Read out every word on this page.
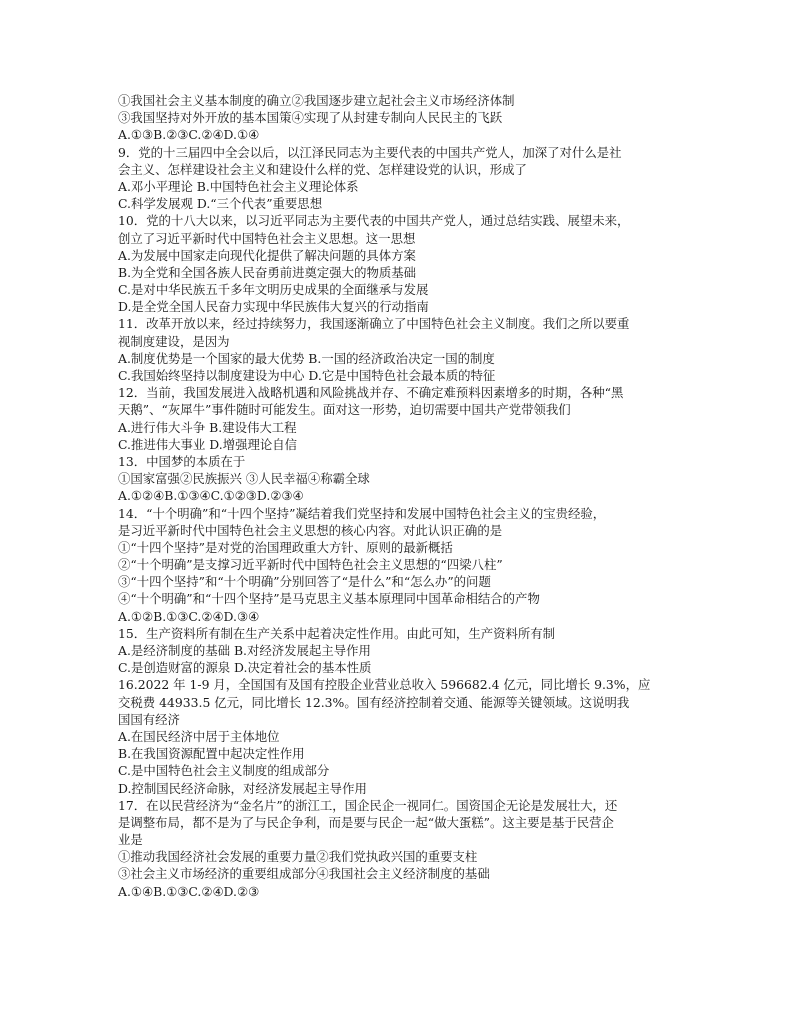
①我国社会主义基本制度的确立②我国逐步建立起社会主义市场经济体制
③我国坚持对外开放的基本国策④实现了从封建专制向人民民主的飞跃
A.①③B.②③C.②④D.①④
9．党的十三届四中全会以后，以江泽民同志为主要代表的中国共产党人，加深了对什么是社
会主义、怎样建设社会主义和建设什么样的党、怎样建设党的认识，形成了
A.邓小平理论 B.中国特色社会主义理论体系
C.科学发展观 D.“三个代表”重要思想
10．党的十八大以来，以习近平同志为主要代表的中国共产党人，通过总结实践、展望未来，
创立了习近平新时代中国特色社会主义思想。这一思想
A.为发展中国家走向现代化提供了解决问题的具体方案
B.为全党和全国各族人民奋勇前进奠定强大的物质基础
C.是对中华民族五千多年文明历史成果的全面继承与发展
D.是全党全国人民奋力实现中华民族伟大复兴的行动指南
11．改革开放以来，经过持续努力，我国逐渐确立了中国特色社会主义制度。我们之所以要重
视制度建设，是因为
A.制度优势是一个国家的最大优势 B.一国的经济政治决定一国的制度
C.我国始终坚持以制度建设为中心 D.它是中国特色社会最本质的特征
12．当前，我国发展进入战略机遇和风险挑战并存、不确定难预料因素增多的时期，各种“黑
天鹅”、“灰犀牛”事件随时可能发生。面对这一形势，迫切需要中国共产党带领我们
A.进行伟大斗争 B.建设伟大工程
C.推进伟大事业 D.增强理论自信
13．中国梦的本质在于
①国家富强②民族振兴 ③人民幸福④称霸全球
A.①②④B.①③④C.①②③D.②③④
14．“十个明确”和“十四个坚持”凝结着我们党坚持和发展中国特色社会主义的宝贵经验，
是习近平新时代中国特色社会主义思想的核心内容。对此认识正确的是
①“十四个坚持”是对党的治国理政重大方针、原则的最新概括
②“十个明确”是支撑习近平新时代中国特色社会主义思想的“四梁八柱”
③“十四个坚持”和“十个明确”分别回答了“是什么”和“怎么办”的问题
④“十个明确”和“十四个坚持”是马克思主义基本原理同中国革命相结合的产物
A.①②B.①③C.②④D.③④
15．生产资料所有制在生产关系中起着决定性作用。由此可知，生产资料所有制
A.是经济制度的基础 B.对经济发展起主导作用
C.是创造财富的源泉 D.决定着社会的基本性质
16.2022 年 1-9 月，全国国有及国有控股企业营业总收入 596682.4 亿元，同比增长 9.3%，应
交税费 44933.5 亿元，同比增长 12.3%。国有经济控制着交通、能源等关键领域。这说明我
国国有经济
A.在国民经济中居于主体地位
B.在我国资源配置中起决定性作用
C.是中国特色社会主义制度的组成部分
D.控制国民经济命脉，对经济发展起主导作用
17．在以民营经济为“金名片”的浙江工，国企民企一视同仁。国资国企无论是发展壮大，还
是调整布局，都不是为了与民企争利，而是要与民企一起“做大蛋糕”。这主要是基于民营企
业是
①推动我国经济社会发展的重要力量②我们党执政兴国的重要支柱
③社会主义市场经济的重要组成部分④我国社会主义经济制度的基础
A.①④B.①③C.②④D.②③
